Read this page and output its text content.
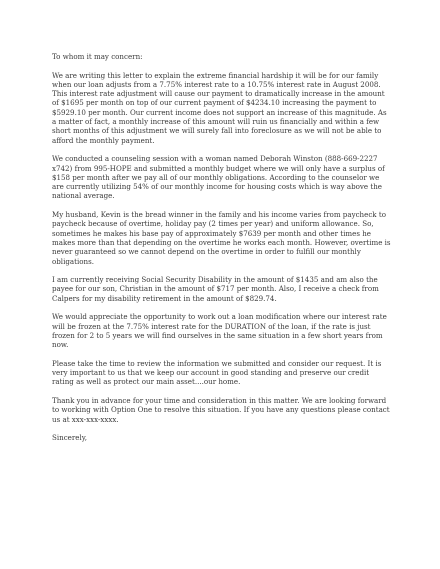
To whom it may concern:

We are writing this letter to explain the extreme financial hardship it will be for our family when our loan adjusts from a 7.75% interest rate to a 10.75% interest rate in August 2008. This interest rate adjustment will cause our payment to dramatically increase in the amount of $1695 per month on top of our current payment of $4234.10 increasing the payment to $5929.10 per month. Our current income does not support an increase of this magnitude. As a matter of fact, a monthly increase of this amount will ruin us financially and within a few short months of this adjustment we will surely fall into foreclosure as we will not be able to afford the monthly payment.

We conducted a counseling session with a woman named Deborah Winston (888-669-2227 x742) from 995-HOPE and submitted a monthly budget where we will only have a surplus of $158 per month after we pay all of our monthly obligations. According to the counselor we are currently utilizing 54% of our monthly income for housing costs which is way above the national average.

My husband, Kevin is the bread winner in the family and his income varies from paycheck to paycheck because of overtime, holiday pay (2 times per year) and uniform allowance. So, sometimes he makes his base pay of approximately $7639 per month and other times he makes more than that depending on the overtime he works each month. However, overtime is never guaranteed so we cannot depend on the overtime in order to fulfill our monthly obligations.

I am currently receiving Social Security Disability in the amount of $1435 and am also the payee for our son, Christian in the amount of $717 per month. Also, I receive a check from Calpers for my disability retirement in the amount of $829.74.

We would appreciate the opportunity to work out a loan modification where our interest rate will be frozen at the 7.75% interest rate for the DURATION of the loan, if the rate is just frozen for 2 to 5 years we will find ourselves in the same situation in a few short years from now.

Please take the time to review the information we submitted and consider our request. It is very important to us that we keep our account in good standing and preserve our credit rating as well as protect our main asset....our home.

Thank you in advance for your time and consideration in this matter. We are looking forward to working with Option One to resolve this situation. If you have any questions please contact us at xxx-xxx-xxxx.

Sincerely,
